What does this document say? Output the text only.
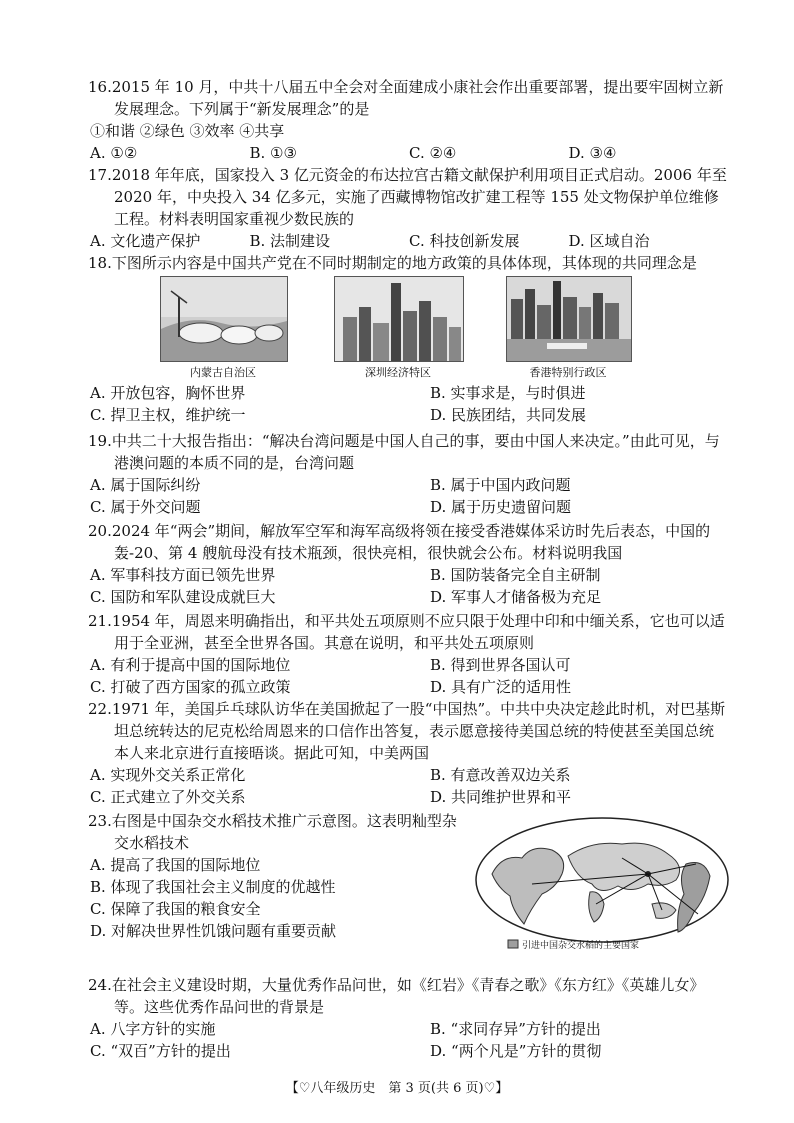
16.2015 年 10 月，中共十八届五中全会对全面建成小康社会作出重要部署，提出要牢固树立新发展理念。下列属于“新发展理念”的是
①和谐 ②绿色 ③效率 ④共享
A. ①②	B. ①③	C. ②④	D. ③④
17.2018 年年底，国家投入 3 亿元资金的布达拉宫古籍文献保护利用项目正式启动。2006 年至 2020 年，中央投入 34 亿多元，实施了西藏博物馆改扩建工程等 155 处文物保护单位维修工程。材料表明国家重视少数民族的
A. 文化遗产保护	B. 法制建设	C. 科技创新发展	D. 区域自治
18.下图所示内容是中国共产党在不同时期制定的地方政策的具体体现，其体现的共同理念是
内蒙古自治区	深圳经济特区	香港特别行政区
A. 开放包容，胸怀世界	B. 实事求是，与时俱进
C. 捍卫主权，维护统一	D. 民族团结，共同发展
19.中共二十大报告指出：“解决台湾问题是中国人自己的事，要由中国人来决定。”由此可见，与港澳问题的本质不同的是，台湾问题
A. 属于国际纠纷	B. 属于中国内政问题
C. 属于外交问题	D. 属于历史遗留问题
20.2024 年“两会”期间，解放军空军和海军高级将领在接受香港媒体采访时先后表态，中国的轰-20、第 4 艘航母没有技术瓶颈，很快亮相，很快就会公布。材料说明我国
A. 军事科技方面已领先世界	B. 国防装备完全自主研制
C. 国防和军队建设成就巨大	D. 军事人才储备极为充足
21.1954 年，周恩来明确指出，和平共处五项原则不应只限于处理中印和中缅关系，它也可以适用于全亚洲，甚至全世界各国。其意在说明，和平共处五项原则
A. 有利于提高中国的国际地位	B. 得到世界各国认可
C. 打破了西方国家的孤立政策	D. 具有广泛的适用性
22.1971 年，美国乒乓球队访华在美国掀起了一股“中国热”。中共中央决定趁此时机，对巴基斯坦总统转达的尼克松给周恩来的口信作出答复，表示愿意接待美国总统的特使甚至美国总统本人来北京进行直接晤谈。据此可知，中美两国
A. 实现外交关系正常化	B. 有意改善双边关系
C. 正式建立了外交关系	D. 共同维护世界和平
23.右图是中国杂交水稻技术推广示意图。这表明籼型杂交水稻技术
A. 提高了我国的国际地位
B. 体现了我国社会主义制度的优越性
C. 保障了我国的粮食安全
D. 对解决世界性饥饿问题有重要贡献
引进中国杂交水稻的主要国家
24.在社会主义建设时期，大量优秀作品问世，如《红岩》《青春之歌》《东方红》《英雄儿女》等。这些优秀作品问世的背景是
A. 八字方针的实施	B. “求同存异”方针的提出
C. “双百”方针的提出	D. “两个凡是”方针的贯彻
【♡八年级历史　第 3 页(共 6 页)♡】
